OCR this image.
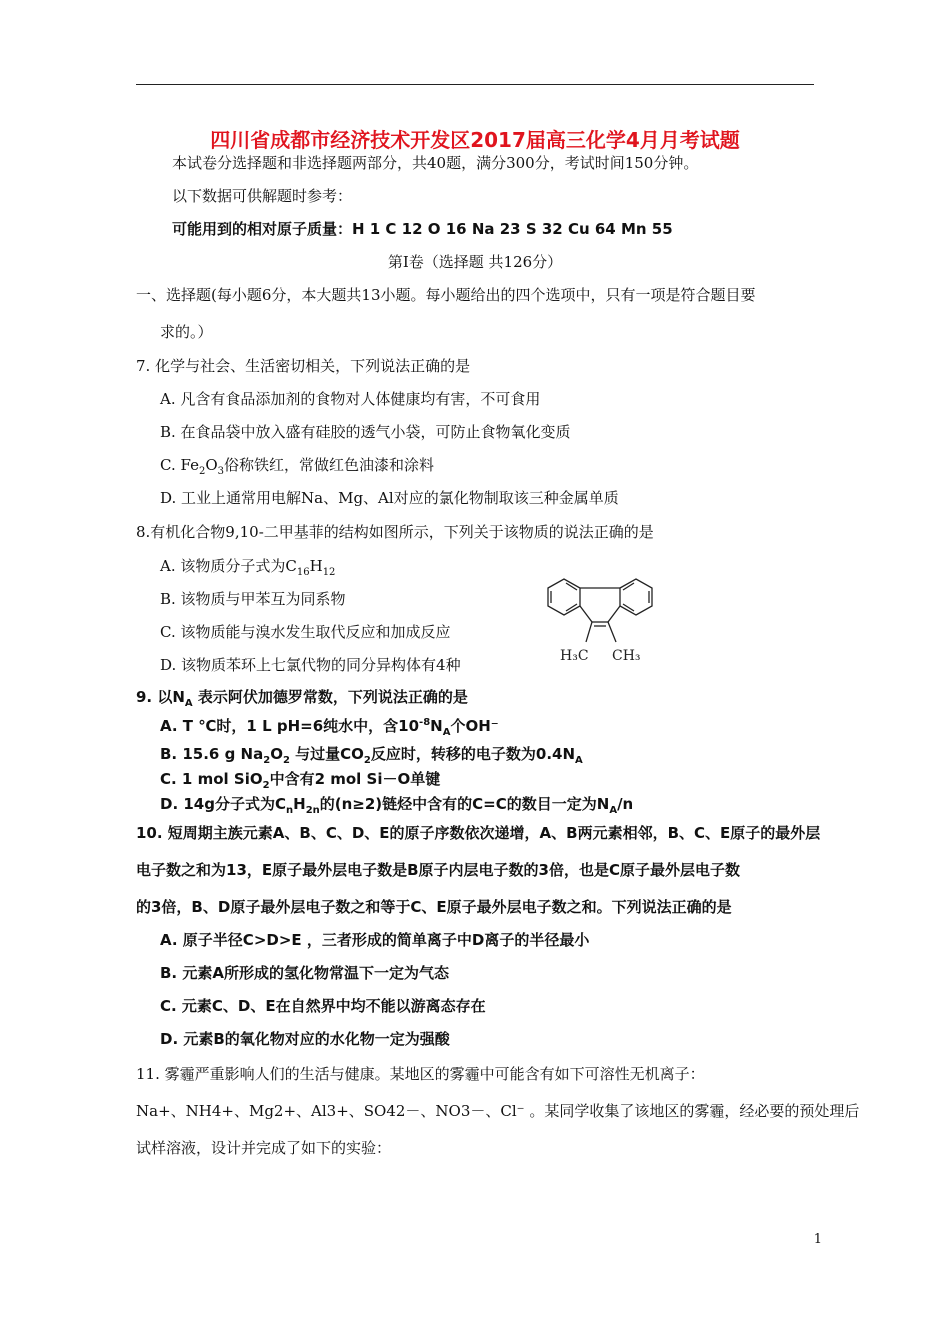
四川省成都市经济技术开发区2017届高三化学4月月考试题
本试卷分选择题和非选择题两部分，共40题，满分300分，考试时间150分钟。
以下数据可供解题时参考：
可能用到的相对原子质量：H 1 C 12 O 16 Na 23 S 32 Cu 64 Mn 55
第Ⅰ卷（选择题 共126分）
一、选择题(每小题6分，本大题共13小题。每小题给出的四个选项中，只有一项是符合题目要
求的。）
7. 化学与社会、生活密切相关，下列说法正确的是
A. 凡含有食品添加剂的食物对人体健康均有害，不可食用
B. 在食品袋中放入盛有硅胶的透气小袋，可防止食物氧化变质
C. $Fe_2O_3$俗称铁红，常做红色油漆和涂料
D. 工业上通常用电解Na、Mg、Al对应的氯化物制取该三种金属单质
8.有机化合物9,10-二甲基菲的结构如图所示，下列关于该物质的说法正确的是
A. 该物质分子式为$C_{16}H_{12}$
B. 该物质与甲苯互为同系物
C. 该物质能与溴水发生取代反应和加成反应
D. 该物质苯环上七氯代物的同分异构体有4种	H₃C CH₃
9. 以$N_A$ 表示阿伏加德罗常数，下列说法正确的是
A. T ℃时，1 L pH=6纯水中，含$10^{-8}N_A$个OH⁻
B. 15.6 g $Na_2O_2$ 与过量$CO_2$反应时，转移的电子数为$0.4N_A$
C. 1 mol SiO$_2$中含有2 mol Si－O单键
D. 14g分子式为$C_nH_{2n}$的(n≥2)链烃中含有的C=C的数目一定为$N_A/n$
10. 短周期主族元素A、B、C、D、E的原子序数依次递增，A、B两元素相邻，B、C、E原子的最外层
电子数之和为13，E原子最外层电子数是B原子内层电子数的3倍，也是C原子最外层电子数
的3倍，B、D原子最外层电子数之和等于C、E原子最外层电子数之和。下列说法正确的是
A. 原子半径C>D>E ，三者形成的简单离子中D离子的半径最小
B. 元素A所形成的氢化物常温下一定为气态
C. 元素C、D、E在自然界中均不能以游离态存在
D. 元素B的氧化物对应的水化物一定为强酸
11. 雾霾严重影响人们的生活与健康。某地区的雾霾中可能含有如下可溶性无机离子：
Na+、NH4+、Mg2+、Al3+、SO42－、NO3－、Cl⁻ 。某同学收集了该地区的雾霾，经必要的预处理后
试样溶液，设计并完成了如下的实验：
1
